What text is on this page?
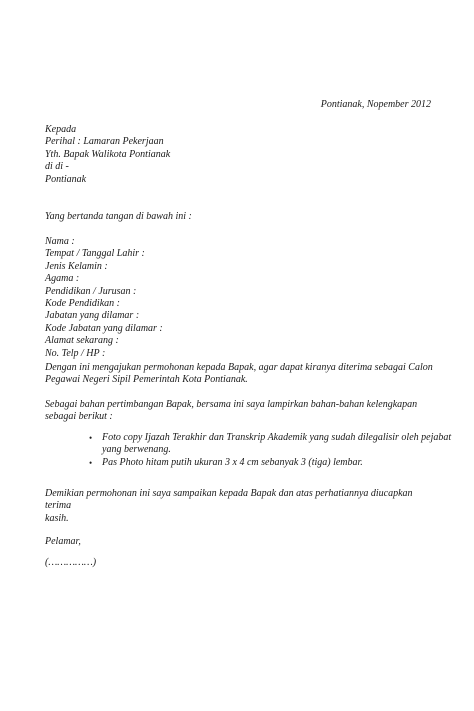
Pontianak, Nopember 2012
Kepada
Perihal : Lamaran Pekerjaan
Yth. Bapak Walikota Pontianak
di di -
Pontianak
Yang bertanda tangan di bawah ini :
Nama :
Tempat / Tanggal Lahir :
Jenis Kelamin :
Agama :
Pendidikan / Jurusan :
Kode Pendidikan :
Jabatan yang dilamar :
Kode Jabatan yang dilamar :
Alamat sekarang :
No. Telp / HP :
Dengan ini mengajukan permohonan kepada Bapak, agar dapat kiranya diterima sebagai Calon
Pegawai Negeri Sipil Pemerintah Kota Pontianak.
Sebagai bahan pertimbangan Bapak, bersama ini saya lampirkan bahan-bahan kelengkapan
sebagai berikut :
• Foto copy Ijazah Terakhir dan Transkrip Akademik yang sudah dilegalisir oleh pejabat
yang berwenang.
• Pas Photo hitam putih ukuran 3 x 4 cm sebanyak 3 (tiga) lembar.
Demikian permohonan ini saya sampaikan kepada Bapak dan atas perhatiannya diucapkan
terima
kasih.
Pelamar,
(……………)
